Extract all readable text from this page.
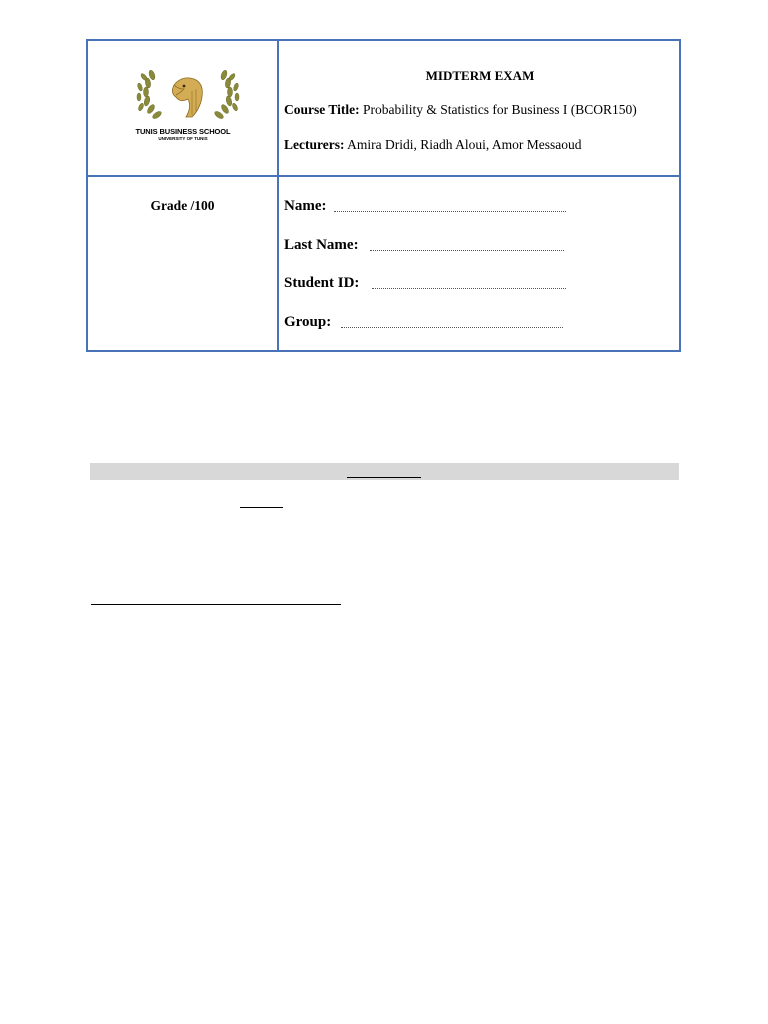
TUNIS BUSINESS SCHOOL
UNIVERSITY OF TUNIS
MIDTERM EXAM
Course Title: Probability & Statistics for Business I (BCOR150)
Lecturers: Amira Dridi, Riadh Aloui, Amor Messaoud
Grade /100	Name:
Last Name:
Student ID:
Group:
